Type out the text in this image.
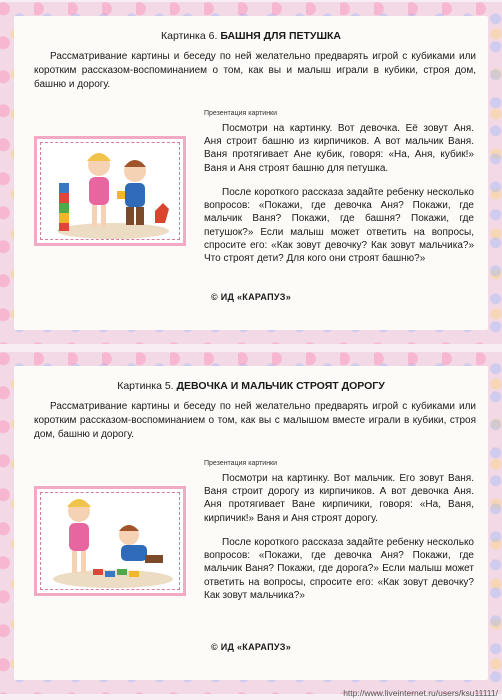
Картинка 6. БАШНЯ ДЛЯ ПЕТУШКА
Рассматривание картины и беседу по ней желательно предварять игрой с кубиками или коротким рассказом-воспоминанием о том, как вы и малыш играли в кубики, строя дом, башню и дорогу.
Презентация картинки
Посмотри на картинку. Вот девочка. Её зовут Аня. Аня строит башню из кирпичиков. А вот мальчик Ваня. Ваня протягивает Ане кубик, говоря: «На, Аня, кубик!» Ваня и Аня строят башню для петушка.
После короткого рассказа задайте ребенку несколько вопросов: «Покажи, где девочка Аня? Покажи, где мальчик Ваня? Покажи, где башня? Покажи, где петушок?» Если малыш может ответить на вопросы, спросите его: «Как зовут девочку? Как зовут мальчика?» Что строят дети? Для кого они строят башню?»
© ИД «КАРАПУЗ»
Картинка 5. ДЕВОЧКА И МАЛЬЧИК СТРОЯТ ДОРОГУ
Рассматривание картины и беседу по ней желательно предварять игрой с кубиками или коротким рассказом-воспоминанием о том, как вы с малышом вместе играли в кубики, строя дом, башню и дорогу.
Презентация картинки
Посмотри на картинку. Вот мальчик. Его зовут Ваня. Ваня строит дорогу из кирпичиков. А вот девочка Аня. Аня протягивает Ване кирпичики, говоря: «На, Ваня, кирпичик!» Ваня и Аня строят дорогу.
После короткого рассказа задайте ребенку несколько вопросов: «Покажи, где девочка Аня? Покажи, где мальчик Ваня? Покажи, где дорога?» Если малыш может ответить на вопросы, спросите его: «Как зовут девочку? Как зовут мальчика?»
© ИД «КАРАПУЗ»
http://www.liveinternet.ru/users/ksu11111/
